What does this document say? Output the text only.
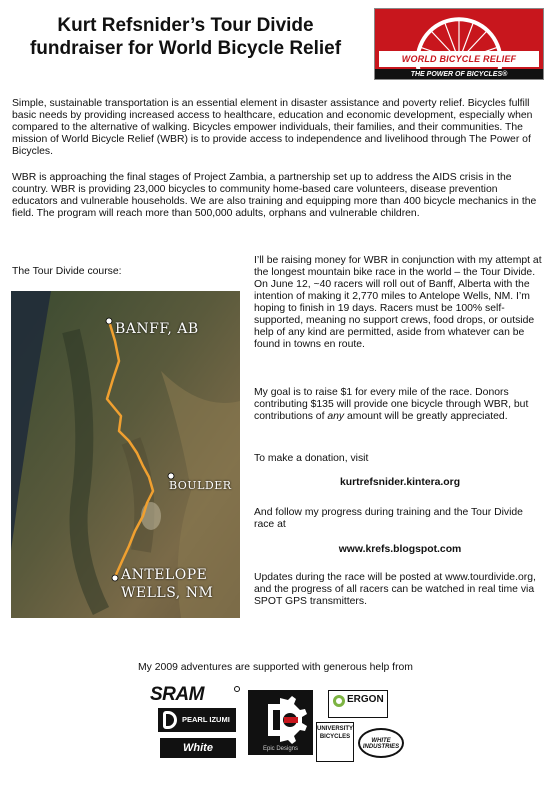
Kurt Refsnider’s Tour Divide
fundraiser for World Bicycle Relief	WORLD BICYCLE RELIEF
THE POWER OF BICYCLES®

Simple, sustainable transportation is an essential element in disaster assistance and poverty relief. Bicycles fulfill basic needs by providing increased access to healthcare, education and economic development, especially when compared to the alternative of walking. Bicycles empower individuals, their families, and their communities. The mission of World Bicycle Relief (WBR) is to provide access to independence and livelihood through The Power of Bicycles.

WBR is approaching the final stages of Project Zambia, a partnership set up to address the AIDS crisis in the country. WBR is providing 23,000 bicycles to community home-based care volunteers, disease prevention educators and vulnerable households. We are also training and equipping more than 400 bicycle mechanics in the field. The program will reach more than 500,000 adults, orphans and vulnerable children.

The Tour Divide course:
BANFF, AB
BOULDER
ANTELOPE
WELLS, NM

I’ll be raising money for WBR in conjunction with my attempt at the longest mountain bike race in the world – the Tour Divide. On June 12, ~40 racers will roll out of Banff, Alberta with the intention of making it 2,770 miles to Antelope Wells, NM. I’m hoping to finish in 19 days. Racers must be 100% self-supported, meaning no support crews, food drops, or outside help of any kind are permitted, aside from whatever can be found in towns en route.

My goal is to raise $1 for every mile of the race. Donors contributing $135 will provide one bicycle through WBR, but contributions of any amount will be greatly appreciated.

To make a donation, visit

kurtrefsnider.kintera.org

And follow my progress during training and the Tour Divide race at

www.krefs.blogspot.com

Updates during the race will be posted at www.tourdivide.org, and the progress of all racers can be watched in real time via SPOT GPS transmitters.

My 2009 adventures are supported with generous help from
SRAM
PEARL IZUMI
White	Epic Designs
ERGON
UNIVERSITY BICYCLES
WHITE INDUSTRIES
